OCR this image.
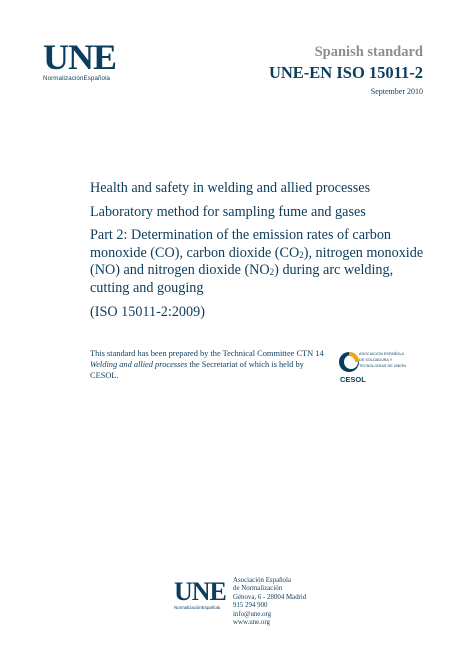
UNE
NormalizaciónEspañola
Spanish standard
UNE-EN ISO 15011-2
September 2010

Health and safety in welding and allied processes

Laboratory method for sampling fume and gases

Part 2: Determination of the emission rates of carbon monoxide (CO), carbon dioxide $(CO_2)$, nitrogen monoxide (NO) and nitrogen dioxide $(NO_2)$ during arc welding, cutting and gouging

(ISO 15011-2:2009)

This standard has been prepared by the Technical Committee CTN 14 Welding and allied processes the Secretariat of which is held by CESOL.
ASOCIACIÓN ESPAÑOLA
DE SOLDADURA Y
TECNOLOGÍAS DE UNIÓN
CESOL
UNE
NormalizaciónEspañola
Asociación Española
de Normalización
Génova, 6 - 28004 Madrid
915 294 900
info@une.org
www.une.org
